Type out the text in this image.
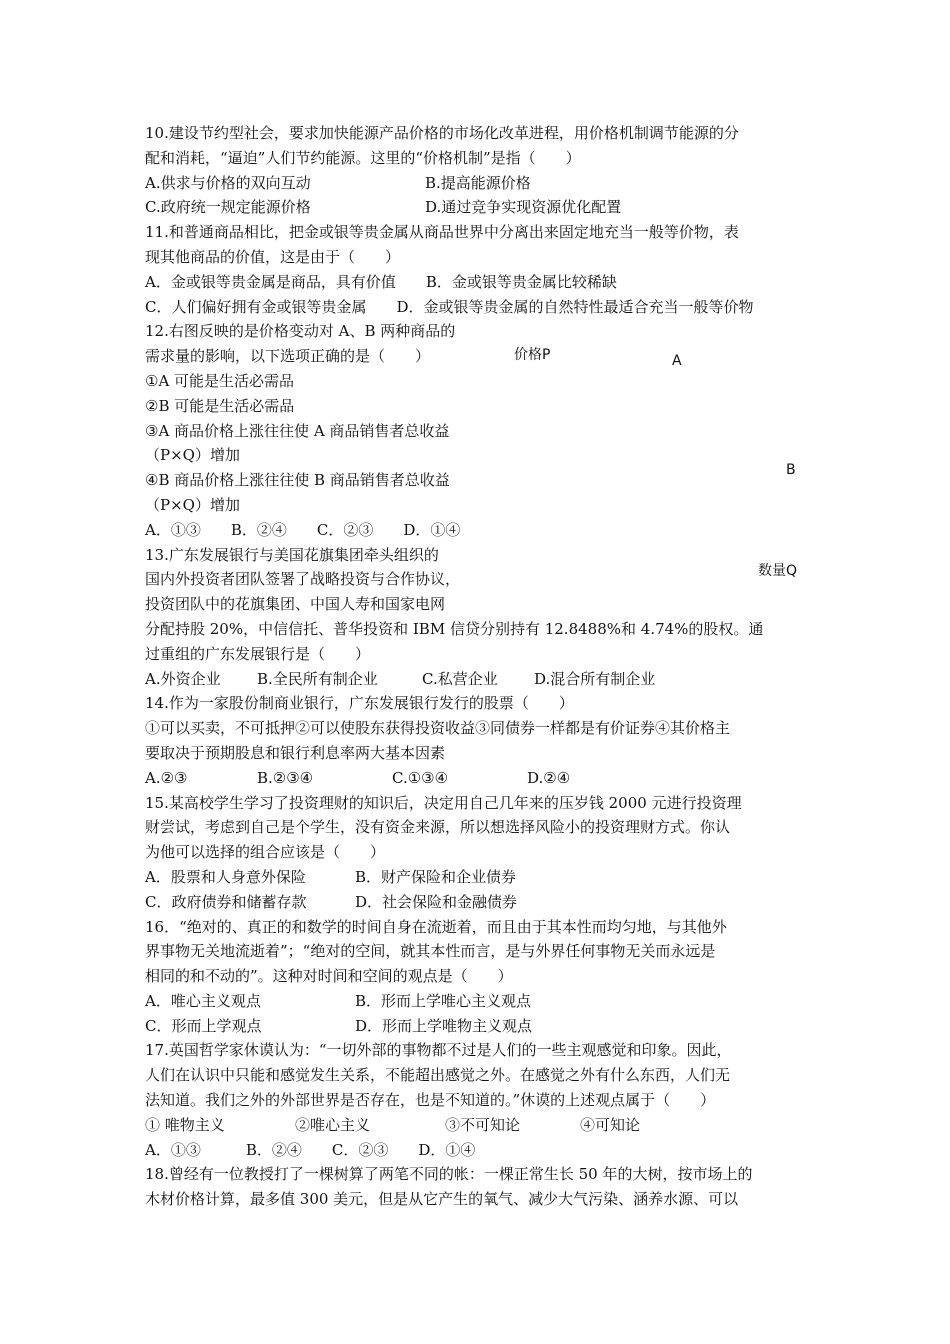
10.建设节约型社会，要求加快能源产品价格的市场化改革进程，用价格机制调节能源的分
配和消耗，“逼迫”人们节约能源。这里的“价格机制”是指（　　）
A.供求与价格的双向互动	B.提高能源价格
C.政府统一规定能源价格	D.通过竞争实现资源优化配置
11.和普通商品相比，把金或银等贵金属从商品世界中分离出来固定地充当一般等价物，表
现其他商品的价值，这是由于（　　）
A．金或银等贵金属是商品，具有价值　　B．金或银等贵金属比较稀缺
C．人们偏好拥有金或银等贵金属　　D．金或银等贵金属的自然特性最适合充当一般等价物
12.右图反映的是价格变动对 A、B 两种商品的
需求量的影响，以下选项正确的是（　　）
①A 可能是生活必需品
②B 可能是生活必需品
③A 商品价格上涨往往使 A 商品销售者总收益
（P×Q）增加
④B 商品价格上涨往往使 B 商品销售者总收益
（P×Q）增加
A．①③　　B．②④　　C．②③　　D．①④
13.广东发展银行与美国花旗集团牵头组织的
国内外投资者团队签署了战略投资与合作协议，
投资团队中的花旗集团、中国人寿和国家电网
分配持股 20%，中信信托、普华投资和 IBM 信贷分别持有 12.8488%和 4.74%的股权。通
过重组的广东发展银行是（　　）
A.外资企业 B.全民所有制企业	C.私营企业 D.混合所有制企业
14.作为一家股份制商业银行，广东发展银行发行的股票（　　）
①可以买卖，不可抵押②可以使股东获得投资收益③同债券一样都是有价证券④其价格主
要取决于预期股息和银行利息率两大基本因素
A.②③	B.②③④	C.①③④	D.②④
15.某高校学生学习了投资理财的知识后，决定用自己几年来的压岁钱 2000 元进行投资理
财尝试，考虑到自己是个学生，没有资金来源，所以想选择风险小的投资理财方式。你认
为他可以选择的组合应该是（　　）
A．股票和人身意外保险	B．财产保险和企业债券
C．政府债券和储蓄存款	D．社会保险和金融债券
16．“绝对的、真正的和数学的时间自身在流逝着，而且由于其本性而均匀地，与其他外
界事物无关地流逝着”；“绝对的空间，就其本性而言，是与外界任何事物无关而永远是
相同的和不动的”。这种对时间和空间的观点是（　　）
A．唯心主义观点	B．形而上学唯心主义观点
C．形而上学观点	D．形而上学唯物主义观点
17.英国哲学家休谟认为：“一切外部的事物都不过是人们的一些主观感觉和印象。因此，
人们在认识中只能和感觉发生关系，不能超出感觉之外。在感觉之外有什么东西，人们无
法知道。我们之外的外部世界是否存在，也是不知道的。”休谟的上述观点属于（　　）
① 唯物主义	②唯心主义	③不可知论	④可知论
A．①③　　　B．②④　　C．②③　　D．①④
18.曾经有一位教授打了一棵树算了两笔不同的帐：一棵正常生长 50 年的大树，按市场上的
木材价格计算，最多值 300 美元，但是从它产生的氧气、减少大气污染、涵养水源、可以
价格P	A
B
数量Q
